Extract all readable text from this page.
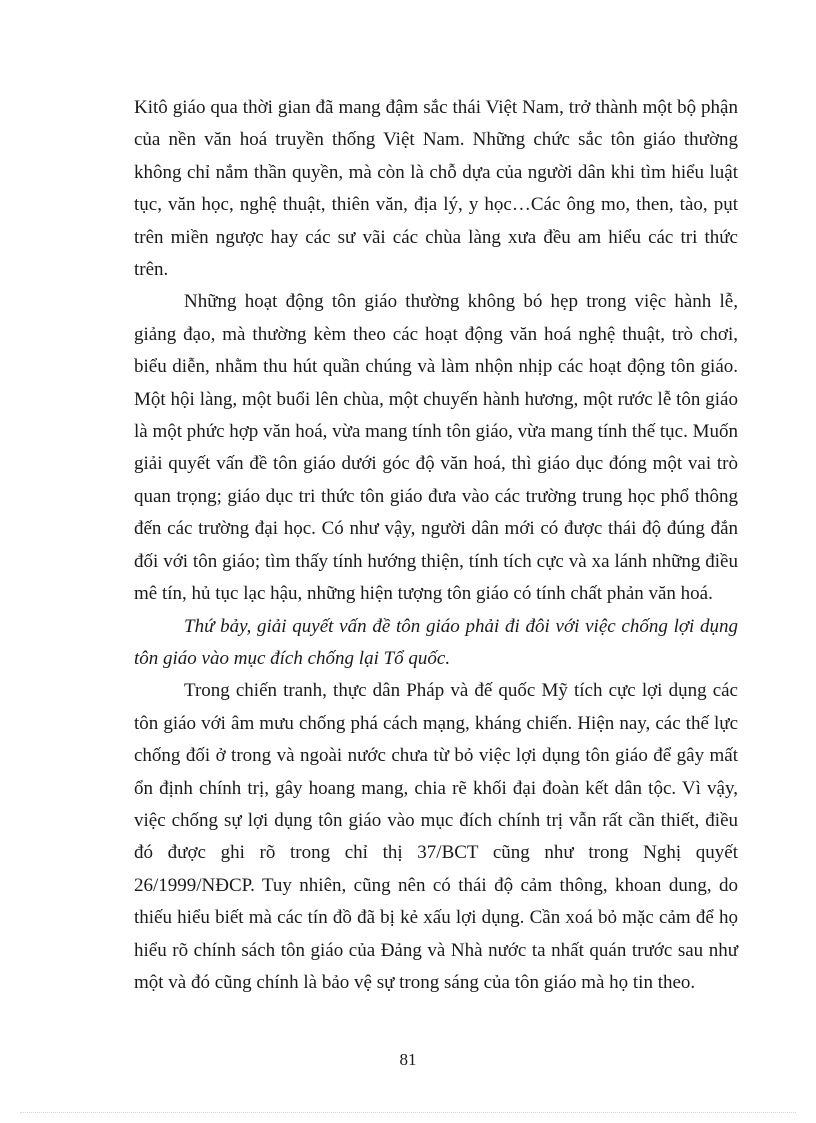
Kitô giáo qua thời gian đã mang đậm sắc thái Việt Nam, trở thành một bộ phận của nền văn hoá truyền thống Việt Nam. Những chức sắc tôn giáo thường không chỉ nắm thần quyền, mà còn là chỗ dựa của người dân khi tìm hiểu luật tục, văn học, nghệ thuật, thiên văn, địa lý, y học…Các ông mo, then, tào, pụt trên miền ngược hay các sư vãi các chùa làng xưa đều am hiểu các tri thức trên.

Những hoạt động tôn giáo thường không bó hẹp trong việc hành lễ, giảng đạo, mà thường kèm theo các hoạt động văn hoá nghệ thuật, trò chơi, biểu diễn, nhằm thu hút quần chúng và làm nhộn nhịp các hoạt động tôn giáo. Một hội làng, một buổi lên chùa, một chuyến hành hương, một rước lễ tôn giáo là một phức hợp văn hoá, vừa mang tính tôn giáo, vừa mang tính thế tục. Muốn giải quyết vấn đề tôn giáo dưới góc độ văn hoá, thì giáo dục đóng một vai trò quan trọng; giáo dục tri thức tôn giáo đưa vào các trường trung học phổ thông đến các trường đại học. Có như vậy, người dân mới có được thái độ đúng đắn đối với tôn giáo; tìm thấy tính hướng thiện, tính tích cực và xa lánh những điều mê tín, hủ tục lạc hậu, những hiện tượng tôn giáo có tính chất phản văn hoá.

Thứ bảy, giải quyết vấn đề tôn giáo phải đi đôi với việc chống lợi dụng tôn giáo vào mục đích chống lại Tổ quốc.

Trong chiến tranh, thực dân Pháp và đế quốc Mỹ tích cực lợi dụng các tôn giáo với âm mưu chống phá cách mạng, kháng chiến. Hiện nay, các thế lực chống đối ở trong và ngoài nước chưa từ bỏ việc lợi dụng tôn giáo để gây mất ổn định chính trị, gây hoang mang, chia rẽ khối đại đoàn kết dân tộc. Vì vậy, việc chống sự lợi dụng tôn giáo vào mục đích chính trị vẫn rất cần thiết, điều đó được ghi rõ trong chỉ thị 37/BCT cũng như trong Nghị quyết 26/1999/NĐCP. Tuy nhiên, cũng nên có thái độ cảm thông, khoan dung, do thiếu hiểu biết mà các tín đồ đã bị kẻ xấu lợi dụng. Cần xoá bỏ mặc cảm để họ hiểu rõ chính sách tôn giáo của Đảng và Nhà nước ta nhất quán trước sau như một và đó cũng chính là bảo vệ sự trong sáng của tôn giáo mà họ tin theo.

81
